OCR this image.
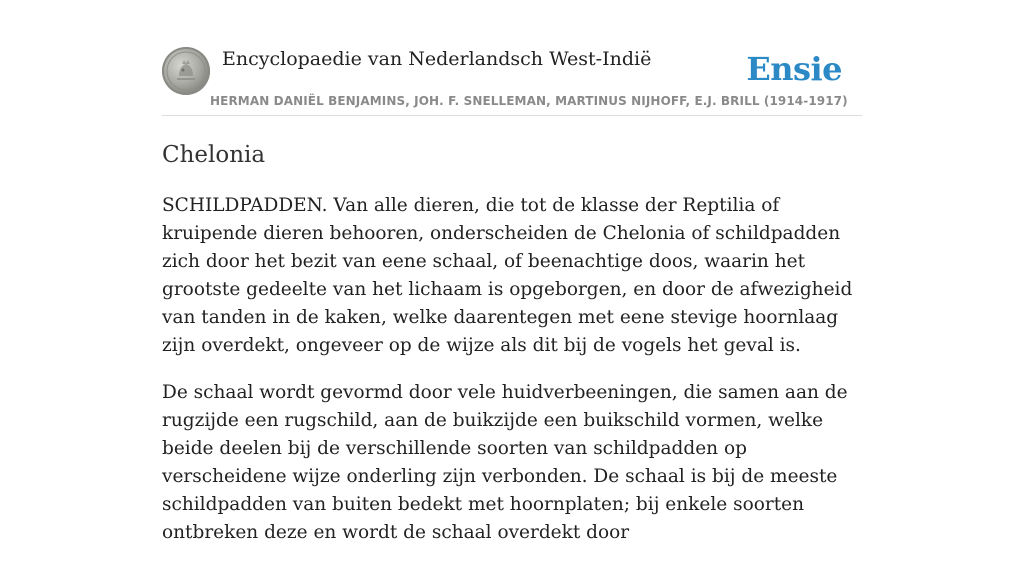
Encyclopaedie van Nederlandsch West-Indië	Ensie
HERMAN DANIËL BENJAMINS, JOH. F. SNELLEMAN, MARTINUS NIJHOFF, E.J. BRILL (1914-1917)
Chelonia

SCHILDPADDEN. Van alle dieren, die tot de klasse der Reptilia of kruipende dieren behooren, onderscheiden de Chelonia of schildpadden zich door het bezit van eene schaal, of beenachtige doos, waarin het grootste gedeelte van het lichaam is opgeborgen, en door de afwezigheid van tanden in de kaken, welke daarentegen met eene stevige hoornlaag zijn overdekt, ongeveer op de wijze als dit bij de vogels het geval is.

De schaal wordt gevormd door vele huidverbeeningen, die samen aan de rugzijde een rugschild, aan de buikzijde een buikschild vormen, welke beide deelen bij de verschillende soorten van schildpadden op verscheidene wijze onderling zijn verbonden. De schaal is bij de meeste schildpadden van buiten bedekt met hoornplaten; bij enkele soorten ontbreken deze en wordt de schaal overdekt door
